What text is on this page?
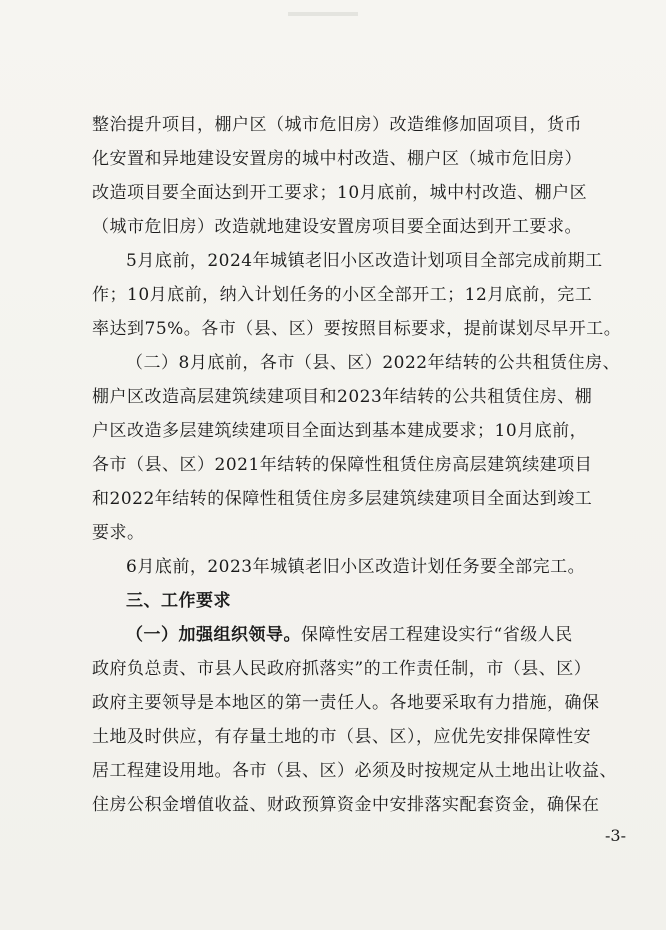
整治提升项目，棚户区（城市危旧房）改造维修加固项目，货币
化安置和异地建设安置房的城中村改造、棚户区（城市危旧房）
改造项目要全面达到开工要求；10月底前，城中村改造、棚户区
（城市危旧房）改造就地建设安置房项目要全面达到开工要求。
5月底前，2024年城镇老旧小区改造计划项目全部完成前期工
作；10月底前，纳入计划任务的小区全部开工；12月底前，完工
率达到75%。各市（县、区）要按照目标要求，提前谋划尽早开工。
（二）8月底前，各市（县、区）2022年结转的公共租赁住房、
棚户区改造高层建筑续建项目和2023年结转的公共租赁住房、棚
户区改造多层建筑续建项目全面达到基本建成要求；10月底前，
各市（县、区）2021年结转的保障性租赁住房高层建筑续建项目
和2022年结转的保障性租赁住房多层建筑续建项目全面达到竣工
要求。
6月底前，2023年城镇老旧小区改造计划任务要全部完工。
三、工作要求
（一）加强组织领导。保障性安居工程建设实行“省级人民
政府负总责、市县人民政府抓落实”的工作责任制，市（县、区）
政府主要领导是本地区的第一责任人。各地要采取有力措施，确保
土地及时供应，有存量土地的市（县、区），应优先安排保障性安
居工程建设用地。各市（县、区）必须及时按规定从土地出让收益、
住房公积金增值收益、财政预算资金中安排落实配套资金，确保在
-3-
